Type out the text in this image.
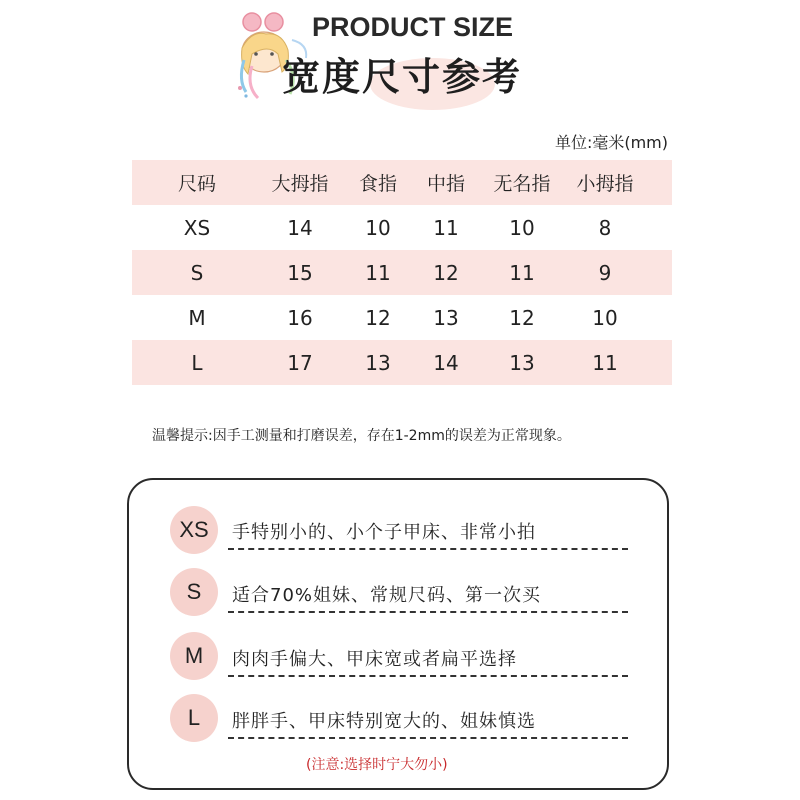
PRODUCT SIZE
宽度尺寸参考
单位:毫米(mm)
尺码	大拇指	食指	中指	无名指	小拇指
XS	14	10	11	10	8
S	15	11	12	11	9
M	16	12	13	12	10
L	17	13	14	13	11
温馨提示:因手工测量和打磨误差，存在1-2mm的误差为正常现象。
XS	手特别小的、小个子甲床、非常小拍
S	适合70%姐妹、常规尺码、第一次买
M	肉肉手偏大、甲床宽或者扁平选择
L	胖胖手、甲床特别宽大的、姐妹慎选
(注意:选择时宁大勿小)
